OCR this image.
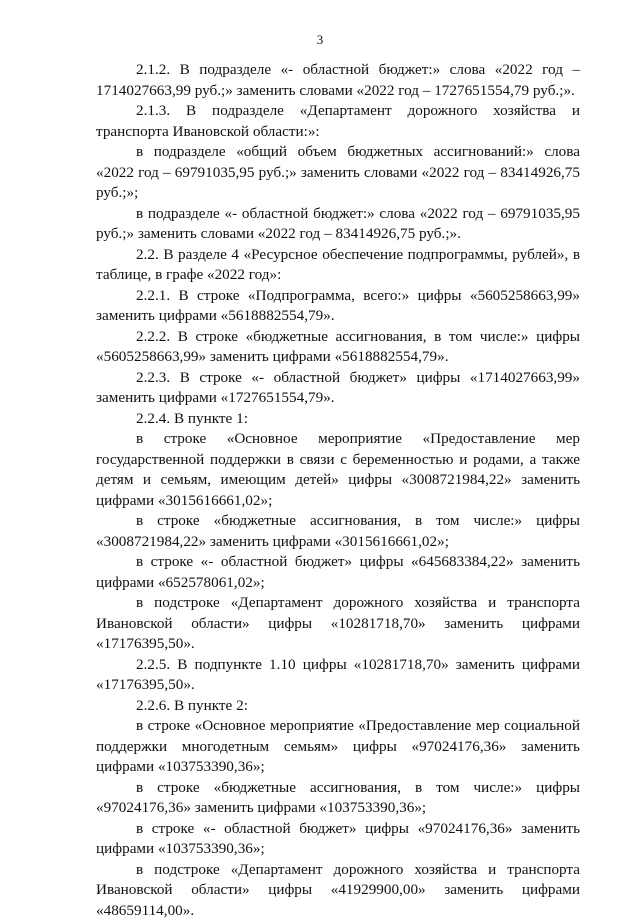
3

2.1.2. В подразделе «- областной бюджет:» слова «2022 год – 1714027663,99 руб.;» заменить словами «2022 год – 1727651554,79 руб.;».

2.1.3. В подразделе «Департамент дорожного хозяйства и транспорта Ивановской области:»:

в подразделе «общий объем бюджетных ассигнований:» слова «2022 год – 69791035,95 руб.;» заменить словами «2022 год – 83414926,75 руб.;»;

в подразделе «- областной бюджет:» слова «2022 год – 69791035,95 руб.;» заменить словами «2022 год – 83414926,75 руб.;».

2.2. В разделе 4 «Ресурсное обеспечение подпрограммы, рублей», в таблице, в графе «2022 год»:

2.2.1. В строке «Подпрограмма, всего:» цифры «5605258663,99» заменить цифрами «5618882554,79».

2.2.2. В строке «бюджетные ассигнования, в том числе:» цифры «5605258663,99» заменить цифрами «5618882554,79».

2.2.3. В строке «- областной бюджет» цифры «1714027663,99» заменить цифрами «1727651554,79».

2.2.4. В пункте 1:

в строке «Основное мероприятие «Предоставление мер государственной поддержки в связи с беременностью и родами, а также детям и семьям, имеющим детей» цифры «3008721984,22» заменить цифрами «3015616661,02»;

в строке «бюджетные ассигнования, в том числе:» цифры «3008721984,22» заменить цифрами «3015616661,02»;

в строке «- областной бюджет» цифры «645683384,22» заменить цифрами «652578061,02»;

в подстроке «Департамент дорожного хозяйства и транспорта Ивановской области» цифры «10281718,70» заменить цифрами «17176395,50».

2.2.5. В подпункте 1.10 цифры «10281718,70» заменить цифрами «17176395,50».

2.2.6. В пункте 2:

в строке «Основное мероприятие «Предоставление мер социальной поддержки многодетным семьям» цифры «97024176,36» заменить цифрами «103753390,36»;

в строке «бюджетные ассигнования, в том числе:» цифры «97024176,36» заменить цифрами «103753390,36»;

в строке «- областной бюджет» цифры «97024176,36» заменить цифрами «103753390,36»;

в подстроке «Департамент дорожного хозяйства и транспорта Ивановской области» цифры «41929900,00» заменить цифрами «48659114,00».
